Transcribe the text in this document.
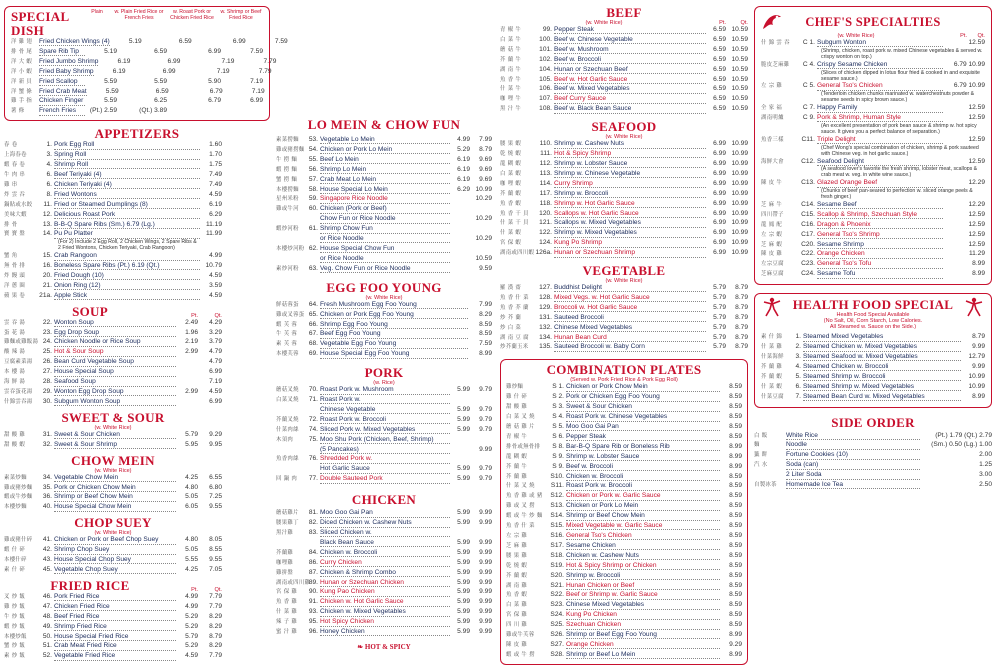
SPECIAL DISH
Plain	w. Plain Fried Rice or French Fries
w. Roast Pork or Chicken Fried Rice
w. Shrimp or Beef Fried Rice
洋 雞 翅	Fried Chicken Wings (4)	5.19	6.59	6.99	7.59
排 骨 尾	Spare Rib Tip	5.19	6.59	6.99	7.59
洋 大 蝦	Fried Jumbo Shrimp	6.19	6.99	7.19	7.79
洋 小 蝦	Fried Baby Shrimp	6.19	6.99	7.19	7.79
洋 新 貝	Fried Scallop	5.59	5.59	5.90	7.19
洋 蟹 條	Fried Crab Meat	5.59	6.59	6.79	7.19
雞 手 指	Chicken Finger	5.59	6.25	6.79	6.99
薯 條	French Fries	(Pt.) 2.59	(Qt.) 3.89
APPETIZERS
春 卷	1. Pork Egg Roll	1.60
上海春卷	3. Spring Roll	1.70
蝦 春 卷	4. Shrimp Roll	1.75
牛 肉 串	6. Beef Teriyaki (4)	7.49
雞 串	6. Chicken Teriyaki (4)	7.49
炸 雲 吞	8. Fried Wontons	4.59
鍋貼或水餃	11. Fried or Steamed Dumplings (8)	6.19
美味大蝦	12. Delicious Roast Pork	6.29
排 骨	13. B-B-Q Spare Ribs (Sm.) 6.79 (Lg.)	11.19
寶 寶 盤	14. Pu Pu Platter	11.99
(For 2) Include 2 Egg Roll, 2 Chicken Wings, 2 Spare Ribs & 2 Fried Wontons, Chicken Teriyaki, Crab Rangoon)
蟹 角	15. Crab Rangoon	4.99
無 骨 排	16. Boneless Spare Ribs (Pt.) 6.19 (Qt.)	10.79
炸 饅 頭	20. Fried Dough (10)	4.59
洋 蔥 圈	21. Onion Ring (12)	3.59
蘋 果 卷	21a. Apple Stick	4.59
SOUP	Pt.	Qt.
雲 吞 湯	22. Wonton Soup	2.49	4.29
蛋 花 湯	23. Egg Drop Soup	1.96	3.29
雞麵或雞飯湯 24. Chicken Noodle or Rice Soup	2.19	3.79
酸 辣 湯	25. Hot & Sour Soup	2.99	4.79
豆腐素菜湯	26. Bean Curd Vegetable Soup	4.79
本 樓 湯	27. House Special Soup	6.99
海 鮮 湯	28. Seafood Soup	7.19
雲吞蛋花湯	29. Wonton Egg Drop Soup	2.99	4.59
什錦雲吞湯	30. Subgum Wonton Soup	6.99
SWEET & SOUR
(w. White Rice)
甜 酸 雞	31. Sweet & Sour Chicken	5.79	9.29
甜 酸 蝦	32. Sweet & Sour Shrimp	5.95	9.95
CHOW MEIN
(w. White Rice)
素菜炒麵	34. Vegetable Chow Mein	4.25	6.55
雞或豬炒麵	35. Pork or Chicken Chow Mein	4.80	6.80
蝦或牛炒麵	36. Shrimp or Beef Chow Mein	5.05	7.25
本樓炒麵	40. House Special Chow Mein	6.05	9.55
CHOP SUEY
(w. White Rice)
雞或豬什碎	41. Chicken or Pork or Beef Chop Suey	4.80	8.05
蝦 什 碎	42. Shrimp Chop Suey	5.05	8.55
本樓什碎	43. House Special Chop Suey	5.55	9.55
素 什 碎	45. Vegetable Chop Suey	4.25	7.05
FRIED RICE	Pt.	Qt.
叉 炒 飯	46. Pork Fried Rice	4.99	7.79
雞 炒 飯	47. Chicken Fried Rice	4.99	7.79
牛 炒 飯	48. Beef Fried Rice	5.29	8.29
蝦 炒 飯	49. Shrimp Fried Rice	5.29	8.29
本樓炒飯	50. House Special Fried Rice	5.79	8.79
蟹 炒 飯	51. Crab Meat Fried Rice	5.29	8.29
素 炒 飯	52. Vegetable Fried Rice	4.59	7.79
LO MEIN & CHOW FUN
素菜撈麵	53. Vegetable Lo Mein	4.99	7.99
雞或豬撈麵 54. Chicken or Pork Lo Mein	5.29	8.79
牛 撈 麵	55. Beef Lo Mein	6.19	9.69
蝦 撈 麵	56. Shrimp Lo Mein	6.19	9.69
蟹 撈 麵	57. Crab Meat Lo Mein	6.19	9.69
本樓撈麵	58. House Special Lo Mein	6.29 10.99
星州米粉	59. Singapore Rice Noodle	10.29
雞或牛河	60. Chicken (Pork or Beef)
Chow Fun or Rice Noodle	10.29
蝦炒河粉	61. Shrimp Chow Fun
or Rice Noodle	10.29
本樓炒河粉 62. House Special Chow Fun
or Rice Noodle	10.59
素炒河粉	63. Veg. Chow Fun or Rice Noodle	9.59
EGG FOO YOUNG
(w. White Rice)
鮮菇蓉蛋	64. Fresh Mushroom Egg Foo Young	7.99
雞或叉蓉蛋 65. Chicken or Pork Egg Foo Young	8.29
蝦 芙 蓉	66. Shrimp Egg Foo Young	8.59
牛 芙 蓉	67. Beef Egg Foo Young	8.59
素 芙 蓉	68. Vegetable Egg Foo Young	7.59
本樓芙蓉	69. House Special Egg Foo Young	8.99
PORK
(w. Rice)
蘑菇叉燒	70. Roast Pork w. Mushroom	5.99	9.79
白菜叉燒	71. Roast Pork w.
Chinese Vegetable	5.99	9.79
芥蘭叉燒	72. Roast Pork w. Broccoli	5.99	9.79
什菜肉絲	74. Sliced Pork w. Mixed Vegetables	5.99	9.79
木須肉	75. Moo Shu Pork (Chicken, Beef, Shrimp)
(5 Pancakes)	9.99
魚香肉絲	76. Shredded Pork w.
Hot Garlic Sauce	5.99	9.79
回 鍋 肉	77. Double Sauteed Pork	5.99	9.79
CHICKEN
蘑菇雞片	81. Moo Goo Gai Pan	5.99	9.99
腰果雞丁	82. Diced Chicken w. Cashew Nuts	5.99	9.99
黑汁雞	83. Sliced Chicken w.
Black Bean Sauce	5.99	9.99
芥蘭雞	84. Chicken w. Broccoli	5.99	9.99
咖哩雞	86. Curry Chicken	5.99	9.99
雞拼盤	87. Chicken & Shrimp Combo	5.99	9.99
湖南或四川雞
89. Hunan or Szechuan Chicken	5.99	9.99
宮 保 雞	90. Kung Pao Chicken	5.99	9.99
魚 香 雞	91. Chicken w. Hot Garlic Sauce	5.99	9.99
什 菜 雞	93. Chicken w. Mixed Vegetables	5.99	9.99
辣 子 雞	95. Hot Spicy Chicken	5.99	9.99
蜜 汁 雞	96. Honey Chicken	5.99	9.99
❧ HOT & SPICY
BEEF
(w. White Rice)	Pt.	Qt.
青 椒 牛	99. Pepper Steak	6.59 10.59
白 菜 牛	100. Beef w. Chinese Vegetable	6.59 10.59
蘑 菇 牛	101. Beef w. Mushroom	6.59 10.59
芥 蘭 牛	102. Beef w. Broccoli	6.59 10.59
湖 南 牛	104. Hunan or Szechuan Beef	6.59 10.59
魚 香 牛	105. Beef w. Hot Garlic Sauce	6.59 10.59
什 菜 牛	106. Beef w. Mixed Vegetables	6.59 10.59
咖 哩 牛	107. Beef Curry Sauce	6.59 10.59
黑 汁 牛	108. Beef w. Black Bean Sauce	6.59 10.59
SEAFOOD
(w. White Rice)
腰 果 蝦	110. Shrimp w. Cashew Nuts	6.99 10.99
乾 燒 蝦	111. Hot & Spicy Shrimp	6.99 10.99
龍 糊 蝦	112. Shrimp w. Lobster Sauce	6.99 10.99
白 菜 蝦	113. Shrimp w. Chinese Vegetable	6.99 10.99
咖 哩 蝦	114. Curry Shrimp	6.99 10.99
芥 蘭 蝦	117. Shrimp w. Broccoli	6.99 10.99
魚 香 蝦	118. Shrimp w. Hot Garlic Sauce	6.99 10.99
魚 香 干 貝	120. Scallops w. Hot Garlic Sauce	6.99 10.99
什 菜 干 貝	121. Scallops w. Mixed Vegetables	6.99 10.99
什 菜 蝦	122. Shrimp w. Mixed Vegetables	6.99 10.99
宮 保 蝦	124. Kung Po Shrimp	6.99 10.99
湖南或四川蝦 126a. Hunan or Szechuan Shrimp	6.99 10.99
VEGETABLE
(w. White Rice)
羅 漢 齋	127. Buddhist Delight	5.79	8.79
魚 香 什 菜	128. Mixed Vegs. w. Hot Garlic Sauce	5.79	8.79
魚 香 芥 蘭	129. Broccoli w. Hot Garlic Sauce	5.79	8.79
炒 芥 蘭	131. Sauteed Broccoli	5.79	8.79
炒 白 菜	132. Chinese Mixed Vegetables	5.79	8.79
湖 南 豆 腐	134. Hunan Bean Curd	5.79	8.79
炒芥蘭玉米	135. Sauteed Broccoli w. Baby Corn	5.79	8.79
COMBINATION PLATES
(Served w. Pork Fried Rice & Pork Egg Roll)
雞炒麵	S 1. Chicken or Pork Chow Mein	8.59
雞 什 碎	S 2. Pork or Chicken Egg Foo Young	8.59
甜 酸 雞	S 3. Sweet & Sour Chicken	8.59
白 菜 叉 燒	S 4. Roast Pork w. Chinese Vegetables	8.59
蘑 菇 雞 片	S 5. Moo Goo Gai Pan	8.59
青 椒 牛	S 6. Pepper Steak	8.59
排骨或無骨排	S 8. Bar-B-Q Spare Rib or Boneless Rib	8.99
龍 糊 蝦	S 9. Shrimp w. Lobster Sauce	8.99
芥 蘭 牛	S 9. Beef w. Broccoli	8.99
芥 蘭 雞	S10. Chicken w. Broccoli	8.59
什 菜 叉 燒	S11. Roast Pork w. Broccoli	8.59
魚 香 雞 或 豬	S12. Chicken or Pork w. Garlic Sauce	8.59
雞 或 叉 撈	S13. Chicken or Pork Lo Mein	8.59
蝦 或 牛 炒 麵	S14. Shrimp or Beef Chow Mein	8.59
魚 香 什 菜	S15. Mixed Vegetable w. Garlic Sauce	8.59
左 宗 雞	S16. General Tso's Chicken	8.59
芝 麻 雞	S17. Sesame Chicken	8.59
腰 果 雞	S18. Chicken w. Cashew Nuts	8.59
乾 燒 蝦	S19. Hot & Spicy Shrimp or Chicken	8.59
芥 蘭 蝦	S20. Shrimp w. Broccoli	8.59
湖 南 雞	S21. Hunan Chicken or Beef	8.59
魚 香 蝦	S22. Beef or Shrimp w. Garlic Sauce	8.59
白 菜 雞	S23. Chinese Mixed Vegetables	8.59
宮 保 雞	S24. Kung Po Chicken	8.59
四 川 雞	S25. Szechuan Chicken	8.59
雞或牛芙蓉	S26. Shrimp or Beef Egg Foo Young	8.99
陳 皮 雞	S27. Orange Chicken	9.29
蝦 或 牛 撈	S28. Shrimp or Beef Lo Mein	8.99
CHEF'S SPECIALTIES
(w. White Rice)	Pt.	Qt.
什 錦 雲 吞	C 1. Subgum Wonton	12.59
(Shrimp, chicken, roast pork w. mixed Chinese vegetables & served w. crispy wonton on top.)
脆皮芝麻雞	C 4. Crispy Sesame Chicken	6.79 10.99
(Slices of chicken dipped in lotus flour fried & cooked in and exquisite sesame sauce.)
左 宗 雞	C 5. General Tso's Chicken	6.79 10.99
(Tenderloin chicken chunks marinated w. waterchestnuts powder & sesame seeds in spicy brown sauce.)
全 家 福	C 7. Happy Family	12.59
湖南明爐	C 9. Pork & Shrimp, Human Style	12.59
(An excellent presentation of pork bean sauce & shrimp w. hot spicy sauce. It gives you a perfect balance of separation.)
魚香三樣	C11. Triple Delight	12.59
(Chef Wong's special combination of chicken, shrimp & pork sauteed with Chinese veg. in hot garlic sauce.)
海鮮大會	C12. Seafood Delight	12.59
(A seafood lover's favorite the fresh shrimp, lobster meat, scallops & crab meat w. veg. in white wine sauce.)
陳 皮 牛	C13. Glazed Orange Beef	12.29
(Chunks of beef pan-seared to perfection w. sliced orange peels & fresh ginger.)
芝 麻 牛	C14. Sesame Beef	12.29
四川帶子	C15. Scallop & Shrimp, Szechuan Style	12.59
龍 鳳 配	C16. Dragon & Phoenix	12.59
左 宗 蝦	C17. General Tso's Shrimp	12.59
芝 麻 蝦	C20. Sesame Shrimp	12.59
陳 皮 雞	C22. Orange Chicken	11.29
左宗豆腐	C23. General Tso's Tofu	8.99
芝麻豆腐	C24. Sesame Tofu	8.99
HEALTH FOOD SPECIAL
Health Food Special Available
(No Salt, Oil, Corn Starch, Low Calories.
All Steamed w. Sauce on the Side.)
素 什 錦	1. Steamed Mixed Vegetables	8.79
什 菜 雞	2. Steamed Chicken w. Mixed Vegetables	9.99
什菜海鮮	3. Steamed Seafood w. Mixed Vegetables	12.79
芥 蘭 雞	4. Steamed Chicken w. Broccoli	9.99
芥 蘭 蝦	5. Steamed Shrimp w. Broccoli	10.99
什 菜 蝦	6. Steamed Shrimp w. Mixed Vegetables	10.99
什菜豆腐	7. Steamed Bean Curd w. Mixed Vegetables	8.99
SIDE ORDER
白 飯	White Rice	(Pt.) 1.79 (Qt.) 2.79
麵	Noodle	(Sm.) 0.50 (Lg.) 1.00
籤 餅	Fortune Cookies (10)	2.00
汽 水	Soda (can)	1.25
2 Liter Soda	3.00
自製冰茶	Homemade Ice Tea	2.50
